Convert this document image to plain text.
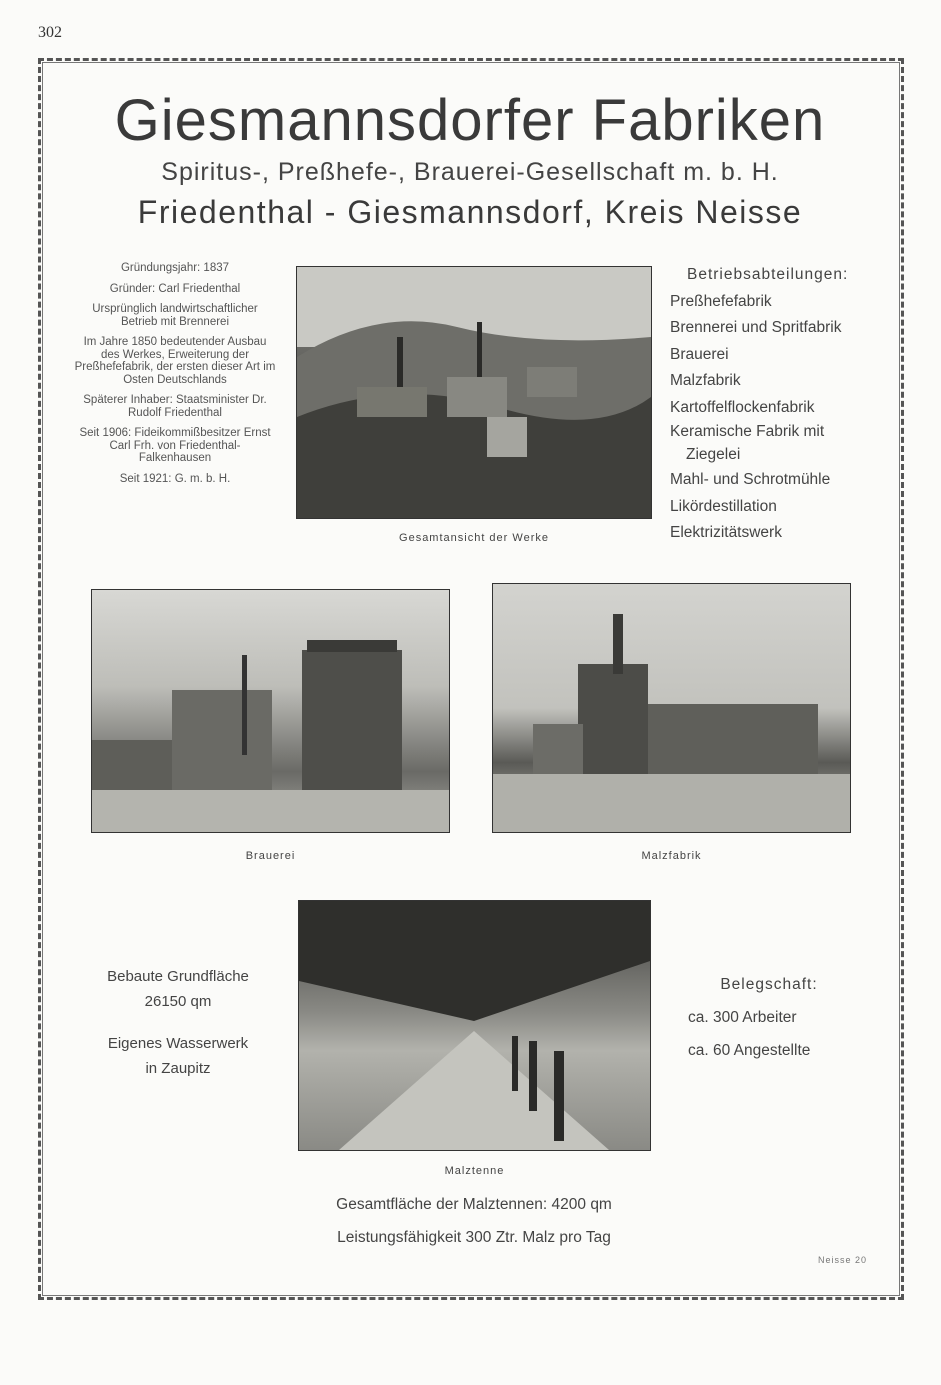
302
Giesmannsdorfer Fabriken
Spiritus-, Preßhefe-, Brauerei-Gesellschaft m. b. H.
Friedenthal - Giesmannsdorf, Kreis Neisse

Gründungsjahr: 1837

Gründer: Carl Friedenthal

Ursprünglich landwirtschaftlicher Betrieb mit Brennerei

Im Jahre 1850 bedeutender Ausbau des Werkes, Erweiterung der Preßhefefabrik, der ersten dieser Art im Osten Deutschlands

Späterer Inhaber: Staatsminister Dr. Rudolf Friedenthal

Seit 1906: Fideikommißbesitzer Ernst Carl Frh. von Friedenthal-Falkenhausen

Seit 1921: G. m. b. H.

Gesamtansicht der Werke
Betriebsabteilungen:
Preßhefefabrik
Brennerei und Spritfabrik
Brauerei
Malzfabrik
Kartoffelflockenfabrik
Keramische Fabrik mit
Ziegelei
Mahl- und Schrotmühle
Likördestillation
Elektrizitätswerk
Brauerei	Malzfabrik

Bebaute Grundfläche
26150 qm

Eigenes Wasserwerk
in Zaupitz

Malztenne
Belegschaft:
ca. 300 Arbeiter
ca. 60 Angestellte
Gesamtfläche der Malztennen: 4200 qm
Leistungsfähigkeit 300 Ztr. Malz pro Tag
Neisse 20
